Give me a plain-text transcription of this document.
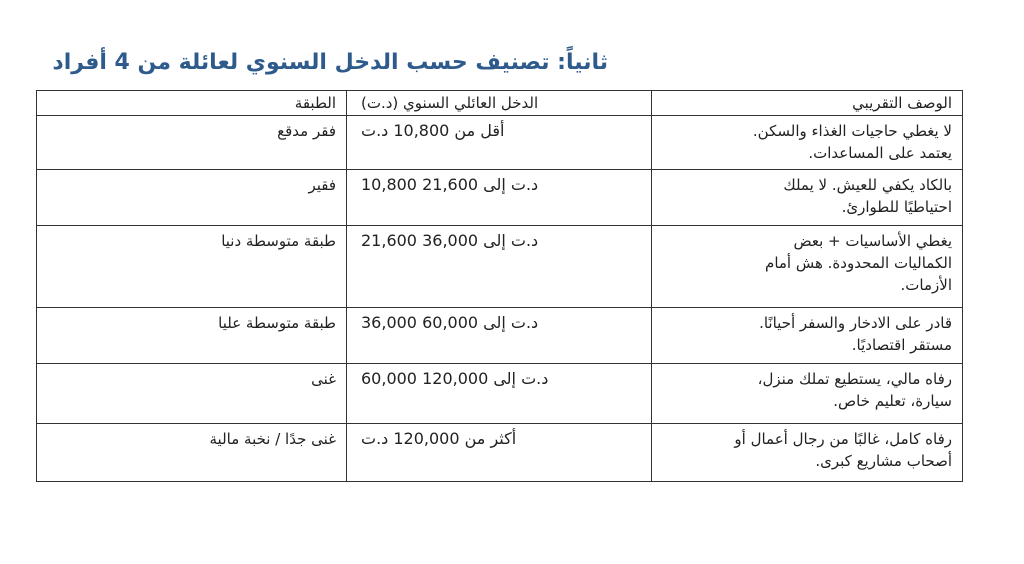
ثانياً: تصنيف حسب الدخل السنوي لعائلة من 4 أفراد
الطبقة	(الدخل العائلي السنوي (د.ت	الوصف التقريبي
فقر مدقع	أقل من 10,800 د.ت	لا يغطي حاجيات الغذاء والسكن.
يعتمد على المساعدات.

فقير	10,800 د.ت إلى 21,600	بالكاد يكفي للعيش. لا يملك
احتياطيًا للطوارئ.

طبقة متوسطة دنيا	21,600 د.ت إلى 36,000	يغطي الأساسيات + بعض
الكماليات المحدودة. هش أمام
الأزمات.

طبقة متوسطة عليا	36,000 د.ت إلى 60,000	قادر على الادخار والسفر أحيانًا.
مستقر اقتصاديًا.

غنى	60,000 د.ت إلى 120,000	رفاه مالي، يستطيع تملك منزل،
سيارة، تعليم خاص.

غنى جدًا / نخبة مالية	أكثر من 120,000 د.ت	رفاه كامل، غالبًا من رجال أعمال أو
أصحاب مشاريع كبرى.
